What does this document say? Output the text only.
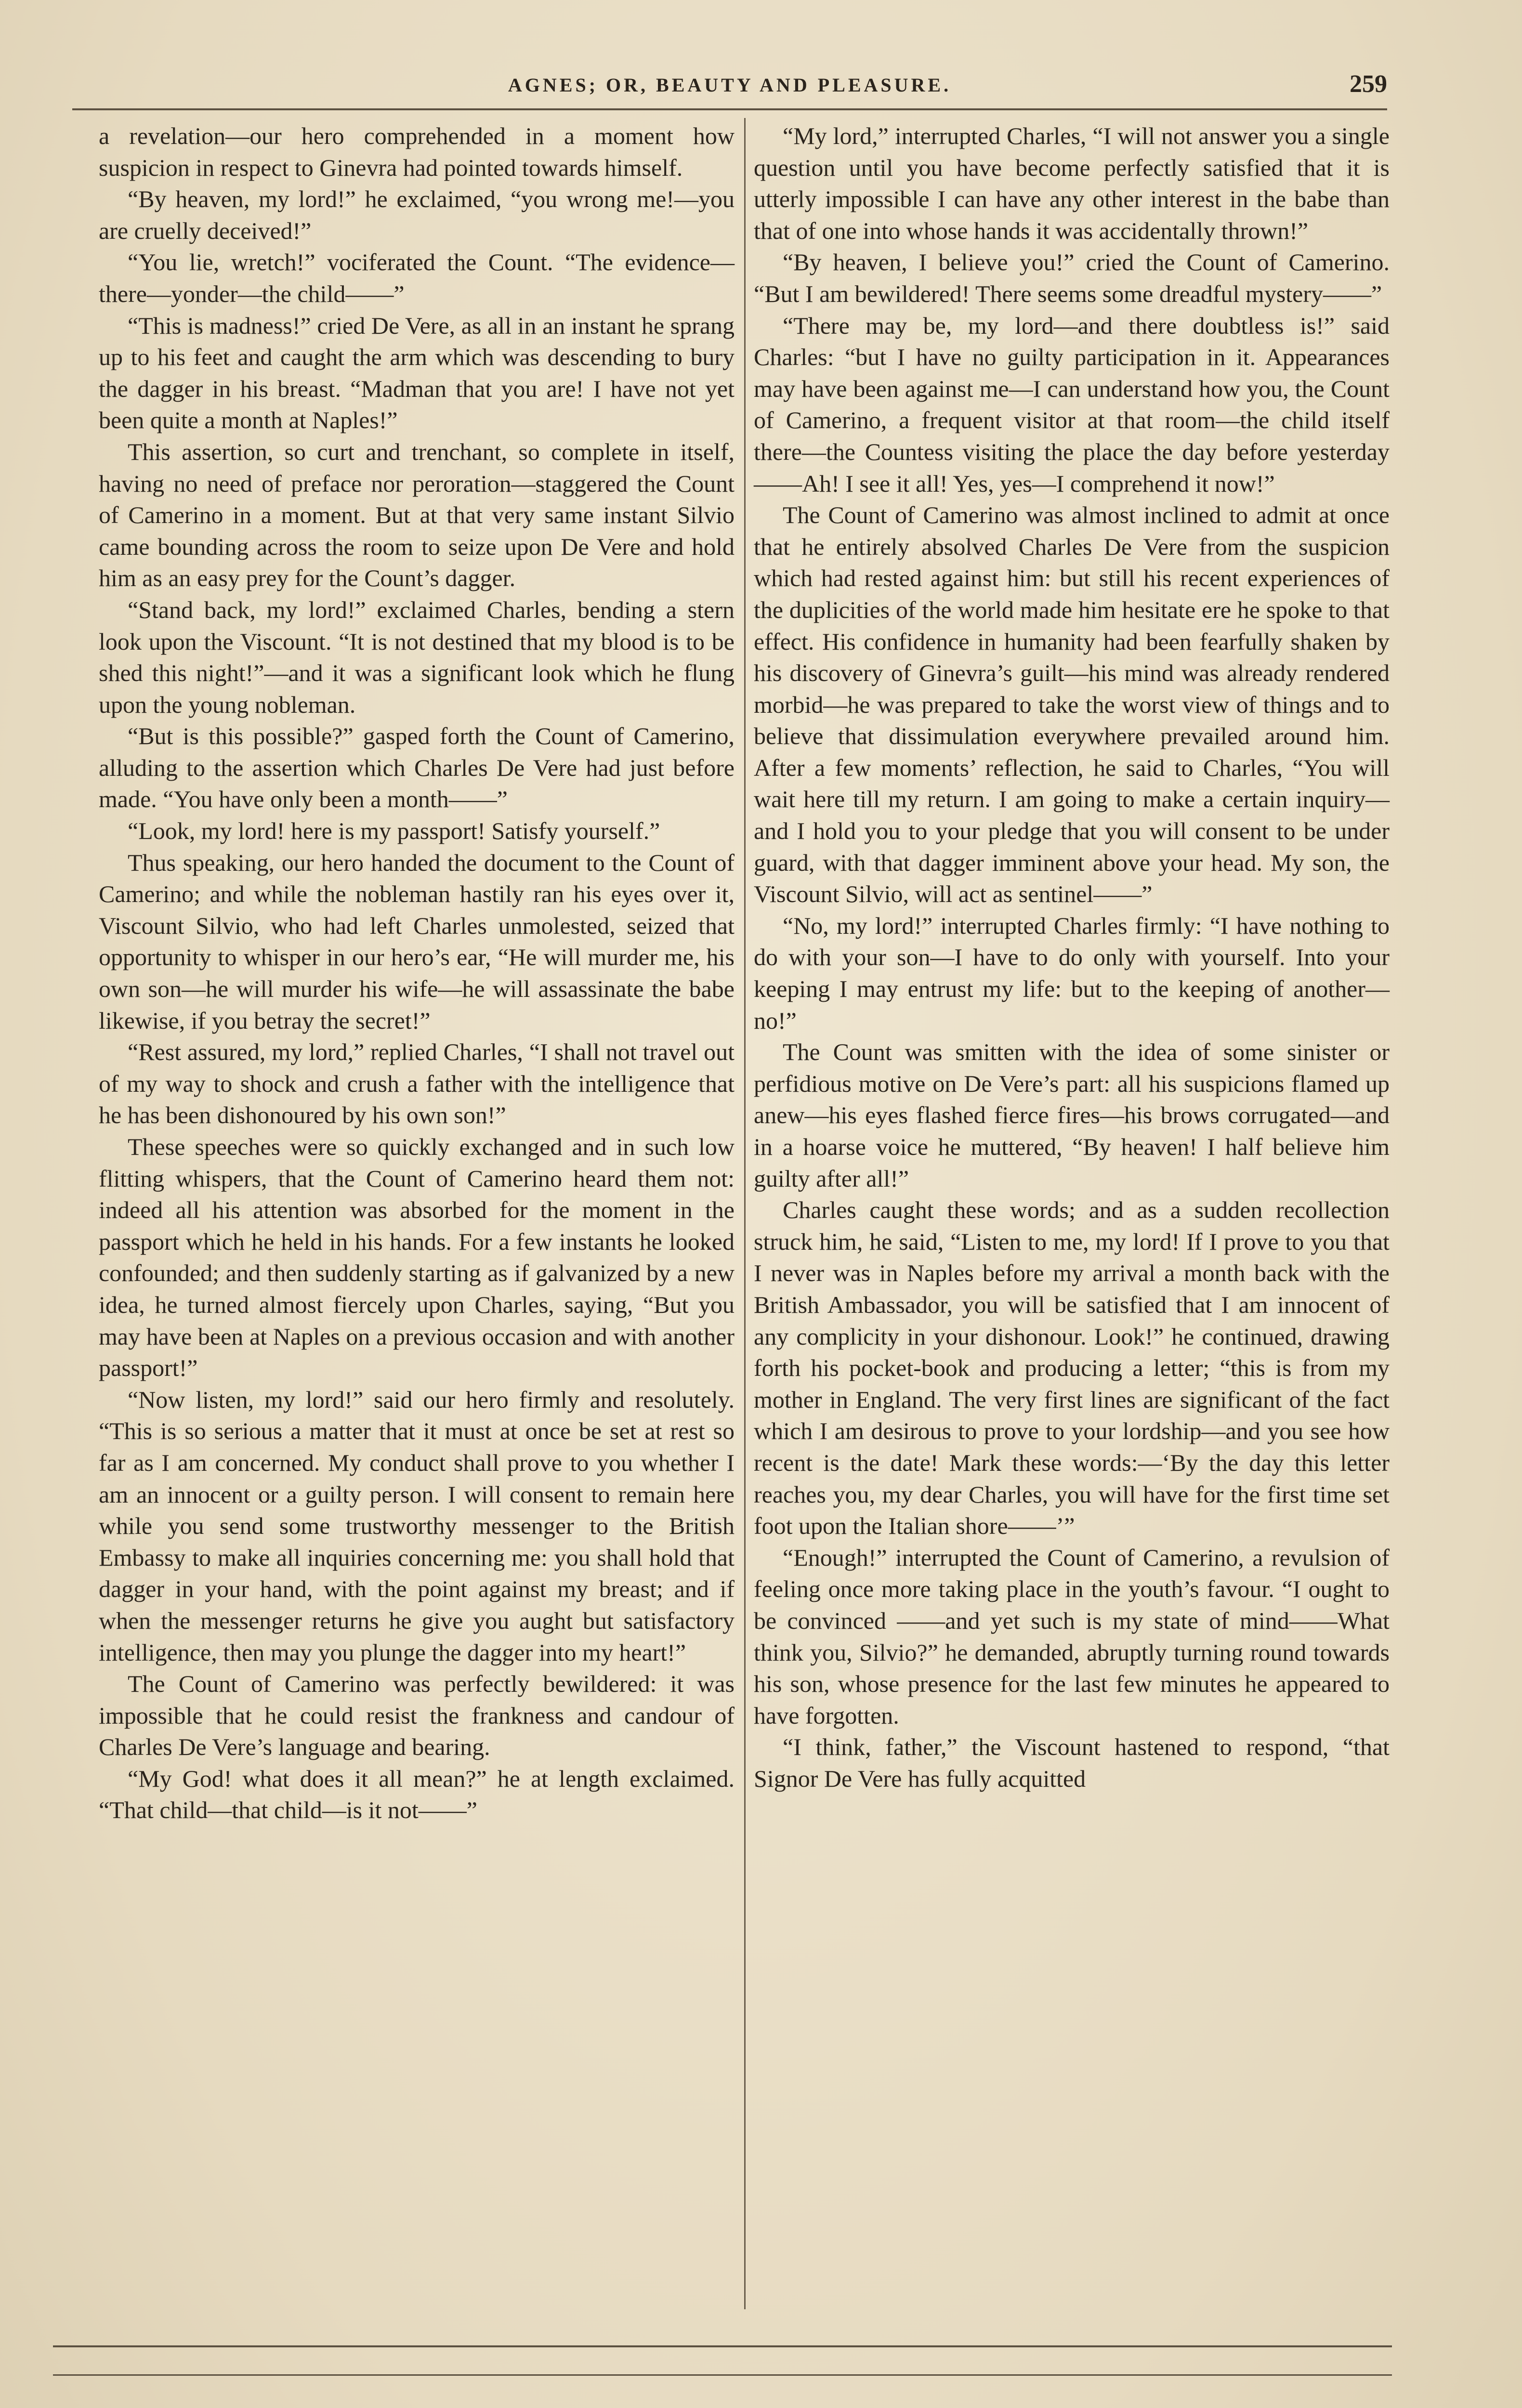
AGNES; OR, BEAUTY AND PLEASURE.	259

a revelation—our hero comprehended in a moment how suspicion in respect to Ginevra had pointed towards himself.

“By heaven, my lord!” he exclaimed, “you wrong me!—you are cruelly deceived!”

“You lie, wretch!” vociferated the Count. “The evidence—there—yonder—the child——”

“This is madness!” cried De Vere, as all in an instant he sprang up to his feet and caught the arm which was descending to bury the dagger in his breast. “Madman that you are! I have not yet been quite a month at Naples!”

This assertion, so curt and trenchant, so complete in itself, having no need of preface nor peroration—staggered the Count of Camerino in a moment. But at that very same instant Silvio came bounding across the room to seize upon De Vere and hold him as an easy prey for the Count’s dagger.

“Stand back, my lord!” exclaimed Charles, bending a stern look upon the Viscount. “It is not destined that my blood is to be shed this night!”—and it was a significant look which he flung upon the young nobleman.

“But is this possible?” gasped forth the Count of Camerino, alluding to the assertion which Charles De Vere had just before made. “You have only been a month——”

“Look, my lord! here is my passport! Satisfy yourself.”

Thus speaking, our hero handed the document to the Count of Camerino; and while the nobleman hastily ran his eyes over it, Viscount Silvio, who had left Charles unmolested, seized that opportunity to whisper in our hero’s ear, “He will murder me, his own son—he will murder his wife—he will assassinate the babe likewise, if you betray the secret!”

“Rest assured, my lord,” replied Charles, “I shall not travel out of my way to shock and crush a father with the intelligence that he has been dishonoured by his own son!”

These speeches were so quickly exchanged and in such low flitting whispers, that the Count of Camerino heard them not: indeed all his attention was absorbed for the moment in the passport which he held in his hands. For a few instants he looked confounded; and then suddenly starting as if galvanized by a new idea, he turned almost fiercely upon Charles, saying, “But you may have been at Naples on a previous occasion and with another passport!”

“Now listen, my lord!” said our hero firmly and resolutely. “This is so serious a matter that it must at once be set at rest so far as I am concerned. My conduct shall prove to you whether I am an innocent or a guilty person. I will consent to remain here while you send some trustworthy messenger to the British Embassy to make all inquiries concerning me: you shall hold that dagger in your hand, with the point against my breast; and if when the messenger returns he give you aught but satisfactory intelligence, then may you plunge the dagger into my heart!”

The Count of Camerino was perfectly bewildered: it was impossible that he could resist the frankness and candour of Charles De Vere’s language and bearing.

“My God! what does it all mean?” he at length exclaimed. “That child—that child—is it not——”

“My lord,” interrupted Charles, “I will not answer you a single question until you have become perfectly satisfied that it is utterly impossible I can have any other interest in the babe than that of one into whose hands it was accidentally thrown!”

“By heaven, I believe you!” cried the Count of Camerino. “But I am bewildered! There seems some dreadful mystery——”

“There may be, my lord—and there doubtless is!” said Charles: “but I have no guilty participation in it. Appearances may have been against me—I can understand how you, the Count of Camerino, a frequent visitor at that room—the child itself there—the Countess visiting the place the day before yesterday——Ah! I see it all! Yes, yes—I comprehend it now!”

The Count of Camerino was almost inclined to admit at once that he entirely absolved Charles De Vere from the suspicion which had rested against him: but still his recent experiences of the duplicities of the world made him hesitate ere he spoke to that effect. His confidence in humanity had been fearfully shaken by his discovery of Ginevra’s guilt—his mind was already rendered morbid—he was prepared to take the worst view of things and to believe that dissimulation everywhere prevailed around him. After a few moments’ reflection, he said to Charles, “You will wait here till my return. I am going to make a certain inquiry—and I hold you to your pledge that you will consent to be under guard, with that dagger imminent above your head. My son, the Viscount Silvio, will act as sentinel——”

“No, my lord!” interrupted Charles firmly: “I have nothing to do with your son—I have to do only with yourself. Into your keeping I may entrust my life: but to the keeping of another—no!”

The Count was smitten with the idea of some sinister or perfidious motive on De Vere’s part: all his suspicions flamed up anew—his eyes flashed fierce fires—his brows corrugated—and in a hoarse voice he muttered, “By heaven! I half believe him guilty after all!”

Charles caught these words; and as a sudden recollection struck him, he said, “Listen to me, my lord! If I prove to you that I never was in Naples before my arrival a month back with the British Ambassador, you will be satisfied that I am innocent of any complicity in your dishonour. Look!” he continued, drawing forth his pocket-book and producing a letter; “this is from my mother in England. The very first lines are significant of the fact which I am desirous to prove to your lordship—and you see how recent is the date! Mark these words:—‘By the day this letter reaches you, my dear Charles, you will have for the first time set foot upon the Italian shore——’”

“Enough!” interrupted the Count of Camerino, a revulsion of feeling once more taking place in the youth’s favour. “I ought to be convinced ——and yet such is my state of mind——What think you, Silvio?” he demanded, abruptly turning round towards his son, whose presence for the last few minutes he appeared to have forgotten.

“I think, father,” the Viscount hastened to respond, “that Signor De Vere has fully acquitted
